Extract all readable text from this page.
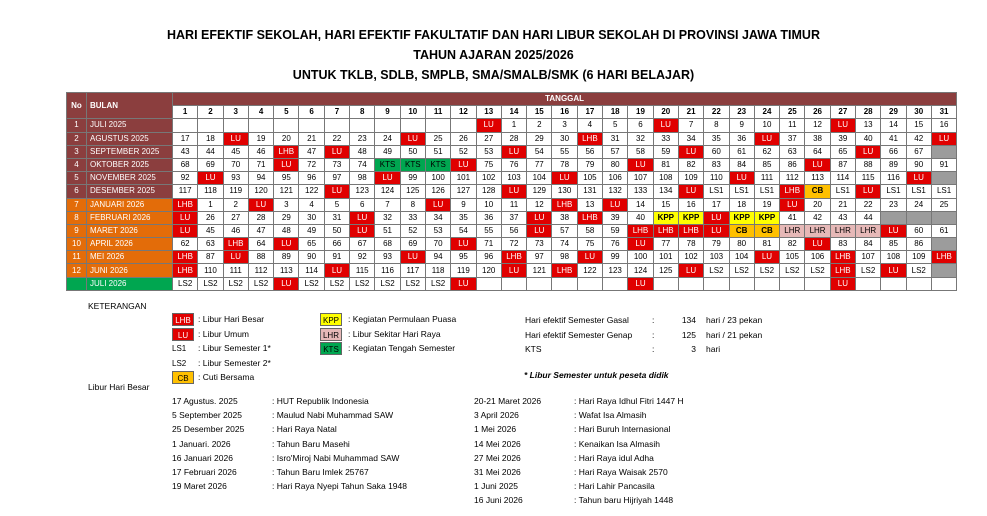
HARI EFEKTIF SEKOLAH, HARI EFEKTIF FAKULTATIF DAN HARI LIBUR SEKOLAH DI PROVINSI JAWA TIMUR
TAHUN AJARAN 2025/2026
UNTUK TKLB, SDLB, SMPLB, SMA/SMALB/SMK (6 HARI BELAJAR)
No	BULAN	TANGGAL																														
		1	2	3	4	5	6	7	8	9	10	11	12	13	14	15	16	17	18	19	20	21	22	23	24	25	26	27	28	29	30	31
1	JULI 2025													LU	1	2	3	4	5	6	LU	7	8	9	10	11	12	LU	13	14	15	16
2	AGUSTUS 2025	17	18	LU	19	20	21	22	23	24	LU	25	26	27	28	29	30	LHB	31	32	33	34	35	36	LU	37	38	39	40	41	42	LU
3	SEPTEMBER 2025	43	44	45	46	LHB	47	LU	48	49	50	51	52	53	LU	54	55	56	57	58	59	LU	60	61	62	63	64	65	LU	66	67	
4	OKTOBER 2025	68	69	70	71	LU	72	73	74	KTS	KTS	KTS	LU	75	76	77	78	79	80	LU	81	82	83	84	85	86	LU	87	88	89	90	91
5	NOVEMBER 2025	92	LU	93	94	95	96	97	98	LU	99	100	101	102	103	104	LU	105	106	107	108	109	110	LU	111	112	113	114	115	116	LU	
6	DESEMBER 2025	117	118	119	120	121	122	LU	123	124	125	126	127	128	LU	129	130	131	132	133	134	LU	LS1	LS1	LS1	LHB	CB	LS1	LU	LS1	LS1	LS1
7	JANUARI 2026	LHB	1	2	LU	3	4	5	6	7	8	LU	9	10	11	12	LHB	13	LU	14	15	16	17	18	19	LU	20	21	22	23	24	25
8	FEBRUARI 2026	LU	26	27	28	29	30	31	LU	32	33	34	35	36	37	LU	38	LHB	39	40	KPP	KPP	LU	KPP	KPP	41	42	43	44			
9	MARET 2026	LU	45	46	47	48	49	50	LU	51	52	53	54	55	56	LU	57	58	59	LHB	LHB	LHB	LU	CB	CB	LHR	LHR	LHR	LHR	LU	60	61
10	APRIL 2026	62	63	LHB	64	LU	65	66	67	68	69	70	LU	71	72	73	74	75	76	LU	77	78	79	80	81	82	LU	83	84	85	86	
11	MEI 2026	LHB	87	LU	88	89	90	91	92	93	LU	94	95	96	LHB	97	98	LU	99	100	101	102	103	104	LU	105	106	LHB	107	108	109	LHB
12	JUNI 2026	LHB	110	111	112	113	114	LU	115	116	117	118	119	120	LU	121	LHB	122	123	124	125	LU	LS2	LS2	LS2	LS2	LS2	LHB	LS2	LU	LS2	
	JULI 2026	LS2	LS2	LS2	LS2	LU	LS2	LS2	LS2	LS2	LS2	LS2	LU							LU								LU				
KETERANGAN
LHB : Libur Hari Besar
LU	: Libur Umum
LS1	: Libur Semester 1*
LS2	: Libur Semester 2*
CB	: Cuti Bersama
KPP	: Kegiatan Permulaan Puasa
LHR	: Libur Sekitar Hari Raya
KTS	: Kegiatan Tengah Semester
Hari efektif Semester Gasal	:	134 hari / 23 pekan
Hari efektif Semester Genap :	125 hari / 21 pekan
KTS	:	3 hari
* Libur Semester untuk peseta didik
Libur Hari Besar
17 Agustus. 2025	: HUT Republik Indonesia
5 September 2025	: Maulud Nabi Muhammad SAW
25 Desember 2025	: Hari Raya Natal
1 Januari. 2026	: Tahun Baru Masehi
16 Januari 2026	: Isro'Miroj Nabi Muhammad SAW
17 Februari 2026	: Tahun Baru Imlek 25767
19 Maret 2026	: Hari Raya Nyepi Tahun Saka 1948
20-21 Maret 2026	: Hari Raya Idhul Fitri 1447 H
3 April 2026	: Wafat Isa Almasih
1 Mei 2026	: Hari Buruh Internasional
14 Mei 2026	: Kenaikan Isa Almasih
27 Mei 2026	: Hari Raya idul Adha
31 Mei 2026	: Hari Raya Waisak 2570
1 Juni 2025	: Hari Lahir Pancasila
16 Juni 2026	: Tahun baru Hijriyah 1448
